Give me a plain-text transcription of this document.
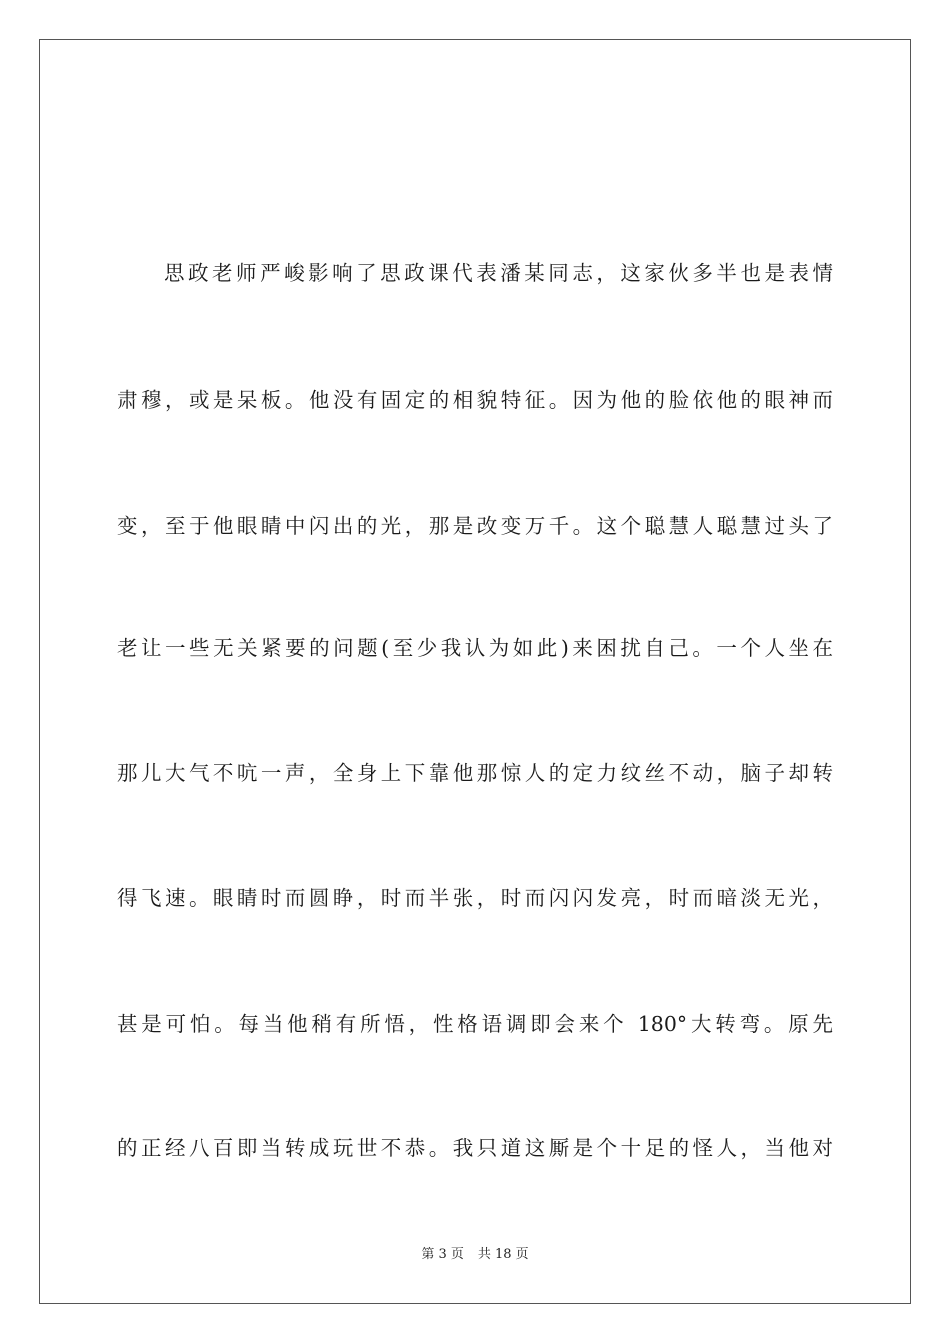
思政老师严峻影响了思政课代表潘某同志，这家伙多半也是表情
肃穆，或是呆板。他没有固定的相貌特征。因为他的脸依他的眼神而
变，至于他眼睛中闪出的光，那是改变万千。这个聪慧人聪慧过头了
老让一些无关紧要的问题(至少我认为如此)来困扰自己。一个人坐在
那儿大气不吭一声，全身上下靠他那惊人的定力纹丝不动，脑子却转
得飞速。眼睛时而圆睁，时而半张，时而闪闪发亮，时而暗淡无光，
甚是可怕。每当他稍有所悟，性格语调即会来个 180°大转弯。原先
的正经八百即当转成玩世不恭。我只道这厮是个十足的怪人，当他对
第 3 页 共 18 页
